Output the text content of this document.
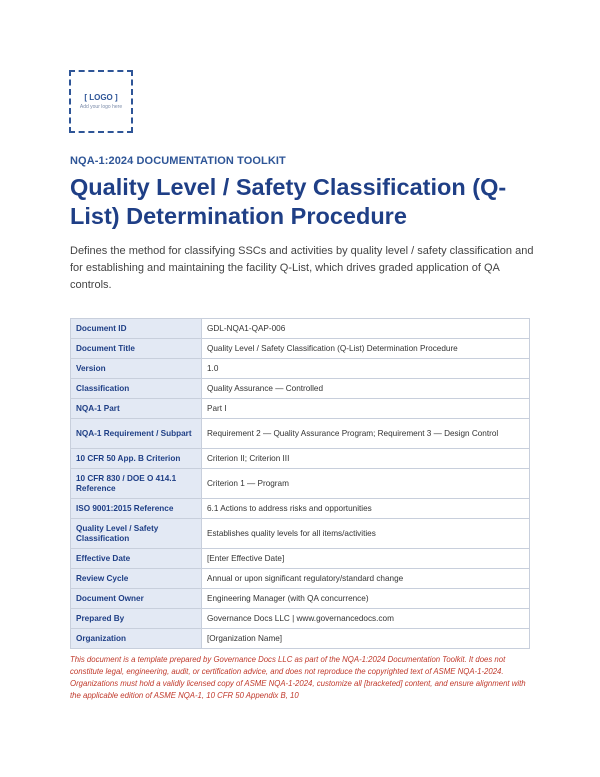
[ LOGO ]
Add your logo here
NQA-1:2024 DOCUMENTATION TOOLKIT
Quality Level / Safety Classification (Q-List) Determination Procedure

Defines the method for classifying SSCs and activities by quality level / safety classification and for establishing and maintaining the facility Q-List, which drives graded application of QA controls.

Document ID	GDL-NQA1-QAP-006
Document Title	Quality Level / Safety Classification (Q-List) Determination Procedure
Version	1.0
Classification	Quality Assurance — Controlled
NQA-1 Part	Part I
NQA-1 Requirement / Subpart	Requirement 2 — Quality Assurance Program; Requirement 3 — Design Control
10 CFR 50 App. B Criterion	Criterion II; Criterion III
10 CFR 830 / DOE O 414.1 Reference	Criterion 1 — Program
ISO 9001:2015 Reference	6.1 Actions to address risks and opportunities
Quality Level / Safety Classification	Establishes quality levels for all items/activities
Effective Date	[Enter Effective Date]
Review Cycle	Annual or upon significant regulatory/standard change
Document Owner	Engineering Manager (with QA concurrence)
Prepared By	Governance Docs LLC | www.governancedocs.com
Organization	[Organization Name]

This document is a template prepared by Governance Docs LLC as part of the NQA-1:2024 Documentation Toolkit. It does not constitute legal, engineering, audit, or certification advice, and does not reproduce the copyrighted text of ASME NQA-1-2024. Organizations must hold a validly licensed copy of ASME NQA-1-2024, customize all [bracketed] content, and ensure alignment with the applicable edition of ASME NQA-1, 10 CFR 50 Appendix B, 10
